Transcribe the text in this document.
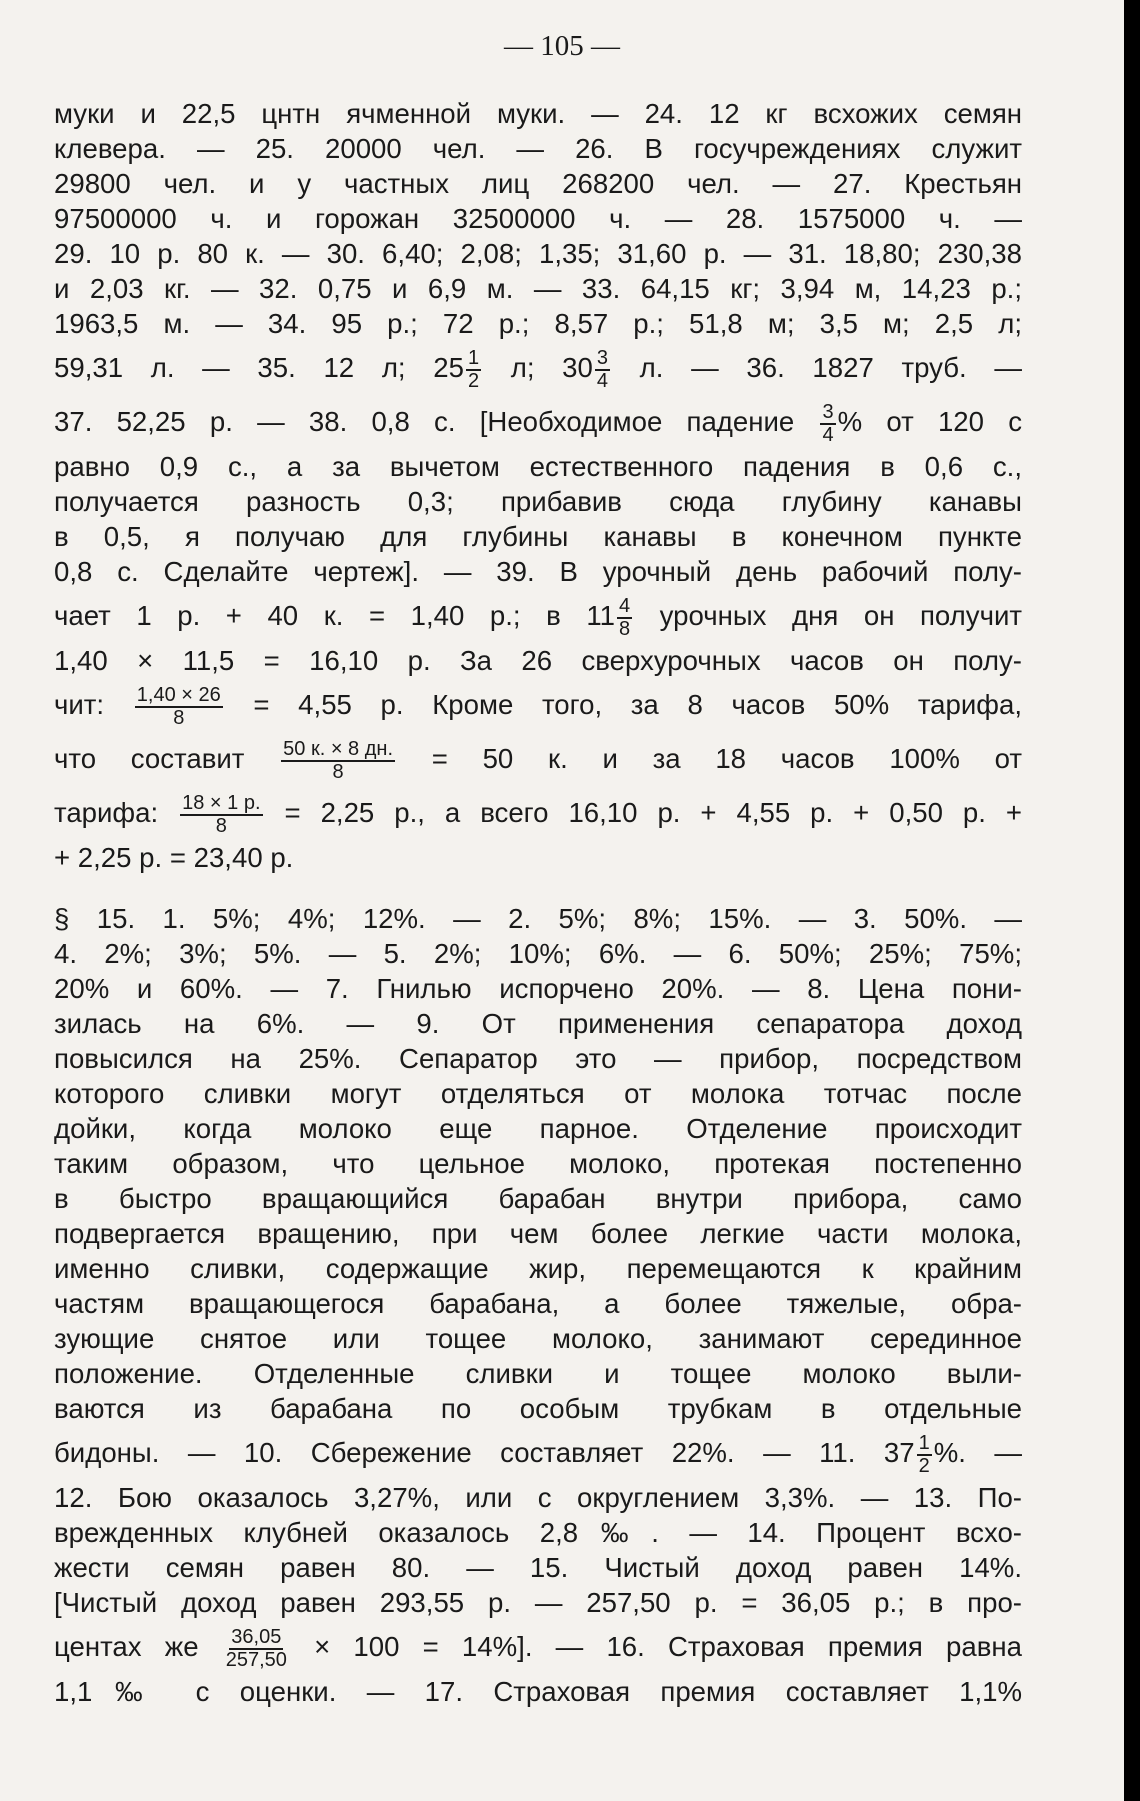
— 105 —
муки и 22,5 цнтн ячменной муки. — 24. 12 кг всхожих семян
клевера. — 25. 20000 чел. — 26. В госучреждениях служит
29800 чел. и у частных лиц 268200 чел. — 27. Крестьян
97500000 ч. и горожан 32500000 ч. — 28. 1575000 ч. —
29. 10 р. 80 к. — 30. 6,40; 2,08; 1,35; 31,60 р. — 31. 18,80; 230,38
и 2,03 кг. — 32. 0,75 и 6,9 м. — 33. 64,15 кг; 3,94 м, 14,23 р.;
1963,5 м. — 34. 95 р.; 72 р.; 8,57 р.; 51,8 м; 3,5 м; 2,5 л;
59,31 л. — 35. 12 л; $25 \frac{1}{2} л$; $30 \frac{3}{4} л$. — 36. 1827 труб. —
37. 52,25 р. — 38. 0,8 с. [Необходимое падение $\frac{3}{4}$ % от 120 с
равно 0,9 с., а за вычетом естественного падения в 0,6 с.,
получается разность 0,3; прибавив сюда глубину канавы
в 0,5, я получаю для глубины канавы в конечном пункте
0,8 с. Сделайте чертеж]. — 39. В урочный день рабочий полу-
чает 1 р. + 40 к. = 1,40 р.; в $11 \frac{4}{8}$ урочных дня он получит
1,40 × 11,5 = 16,10 р. За 26 сверхурочных часов он полу-
чит: $\frac{1,40 \times 26}{8} = 4,55$ р. Кроме того, за 8 часов 50% тарифа,
что составит $\frac{50 к. \times 8 дн.}{8} = 50$ к. и за 18 часов 100% от
тарифа: $\frac{18 \times 1 р.}{8} = 2,25$ р., а всего 16,10 р. + 4,55 р. + 0,50 р. +
+ 2,25 р. = 23,40 р.
§ 15. 1. 5%; 4%; 12%. — 2. 5%; 8%; 15%. — 3. 50%. —
4. 2%; 3%; 5%. — 5. 2%; 10%; 6%. — 6. 50%; 25%; 75%;
20% и 60%. — 7. Гнилью испорчено 20%. — 8. Цена пони-
зилась на 6%. — 9. От применения сепаратора доход
повысился на 25%. Сепаратор это — прибор, посредством
которого сливки могут отделяться от молока тотчас после
дойки, когда молоко еще парное. Отделение происходит
таким образом, что цельное молоко, протекая постепенно
в быстро вращающийся барабан внутри прибора, само
подвергается вращению, при чем более легкие части молока,
именно сливки, содержащие жир, перемещаются к крайним
частям вращающегося барабана, а более тяжелые, обра-
зующие снятое или тощее молоко, занимают серединное
положение. Отделенные сливки и тощее молоко выли-
ваются из барабана по особым трубкам в отдельные
бидоны. — 10. Сбережение составляет 22%. — 11. $37 \frac{1}{2}$ %. —
12. Бою оказалось 3,27%, или с округлением 3,3%. — 13. По-
врежденных клубней оказалось 2,8‰. — 14. Процент всхо-
жести семян равен 80. — 15. Чистый доход равен 14%.
[Чистый доход равен 293,55 р. — 257,50 р. = 36,05 р.; в про-
центах же $\frac{36,05}{257,50} \times 100 = 14\%$]. — 16. Страховая премия равна
1,1‰ с оценки. — 17. Страховая премия составляет 1,1%
